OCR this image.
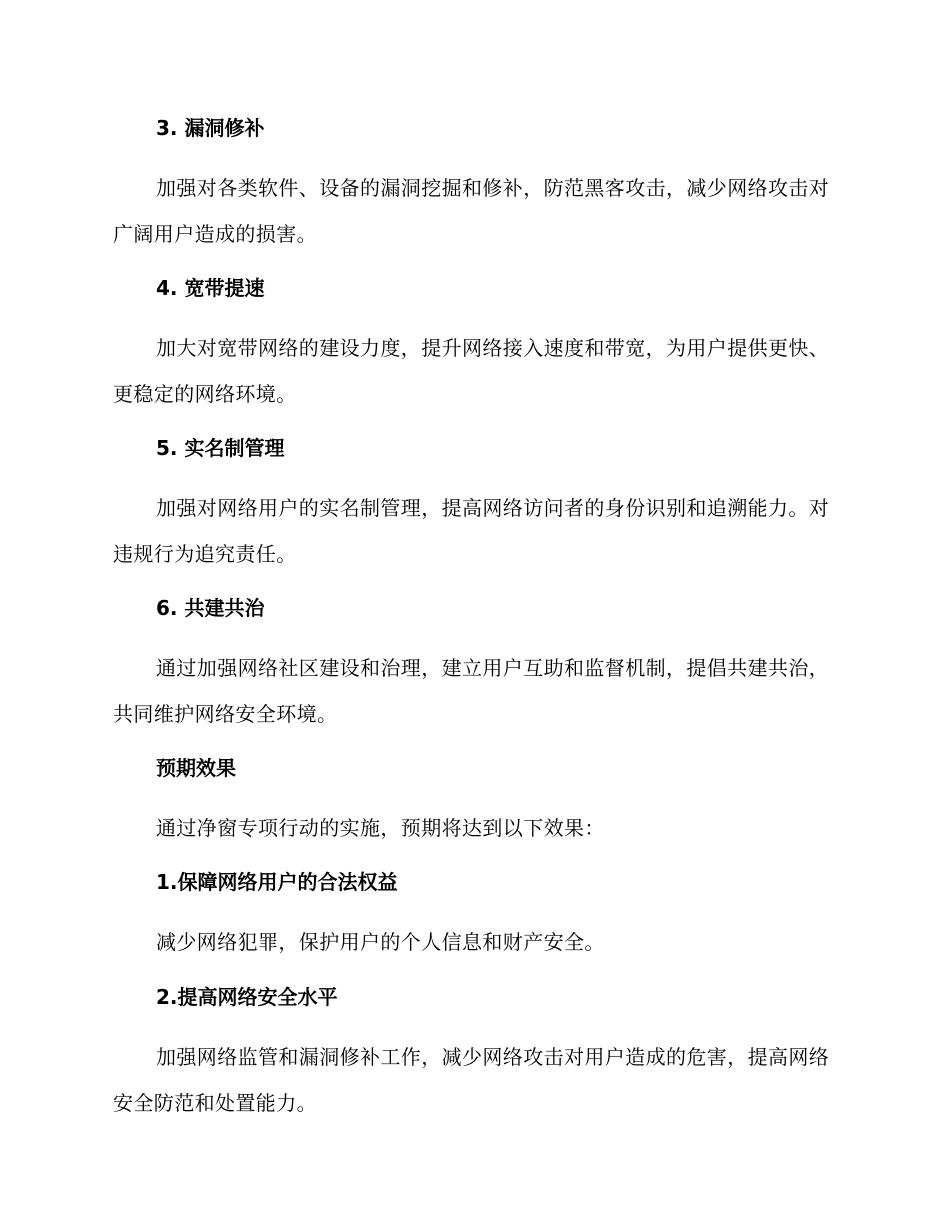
3. 漏洞修补
加强对各类软件、设备的漏洞挖掘和修补，防范黑客攻击，减少网络攻击对广阔用户造成的损害。
4. 宽带提速
加大对宽带网络的建设力度，提升网络接入速度和带宽，为用户提供更快、更稳定的网络环境。
5. 实名制管理
加强对网络用户的实名制管理，提高网络访问者的身份识别和追溯能力。对违规行为追究责任。
6. 共建共治
通过加强网络社区建设和治理，建立用户互助和监督机制，提倡共建共治，共同维护网络安全环境。
预期效果
通过净窗专项行动的实施，预期将达到以下效果：
1.保障网络用户的合法权益
减少网络犯罪，保护用户的个人信息和财产安全。
2.提高网络安全水平
加强网络监管和漏洞修补工作，减少网络攻击对用户造成的危害，提高网络安全防范和处置能力。
